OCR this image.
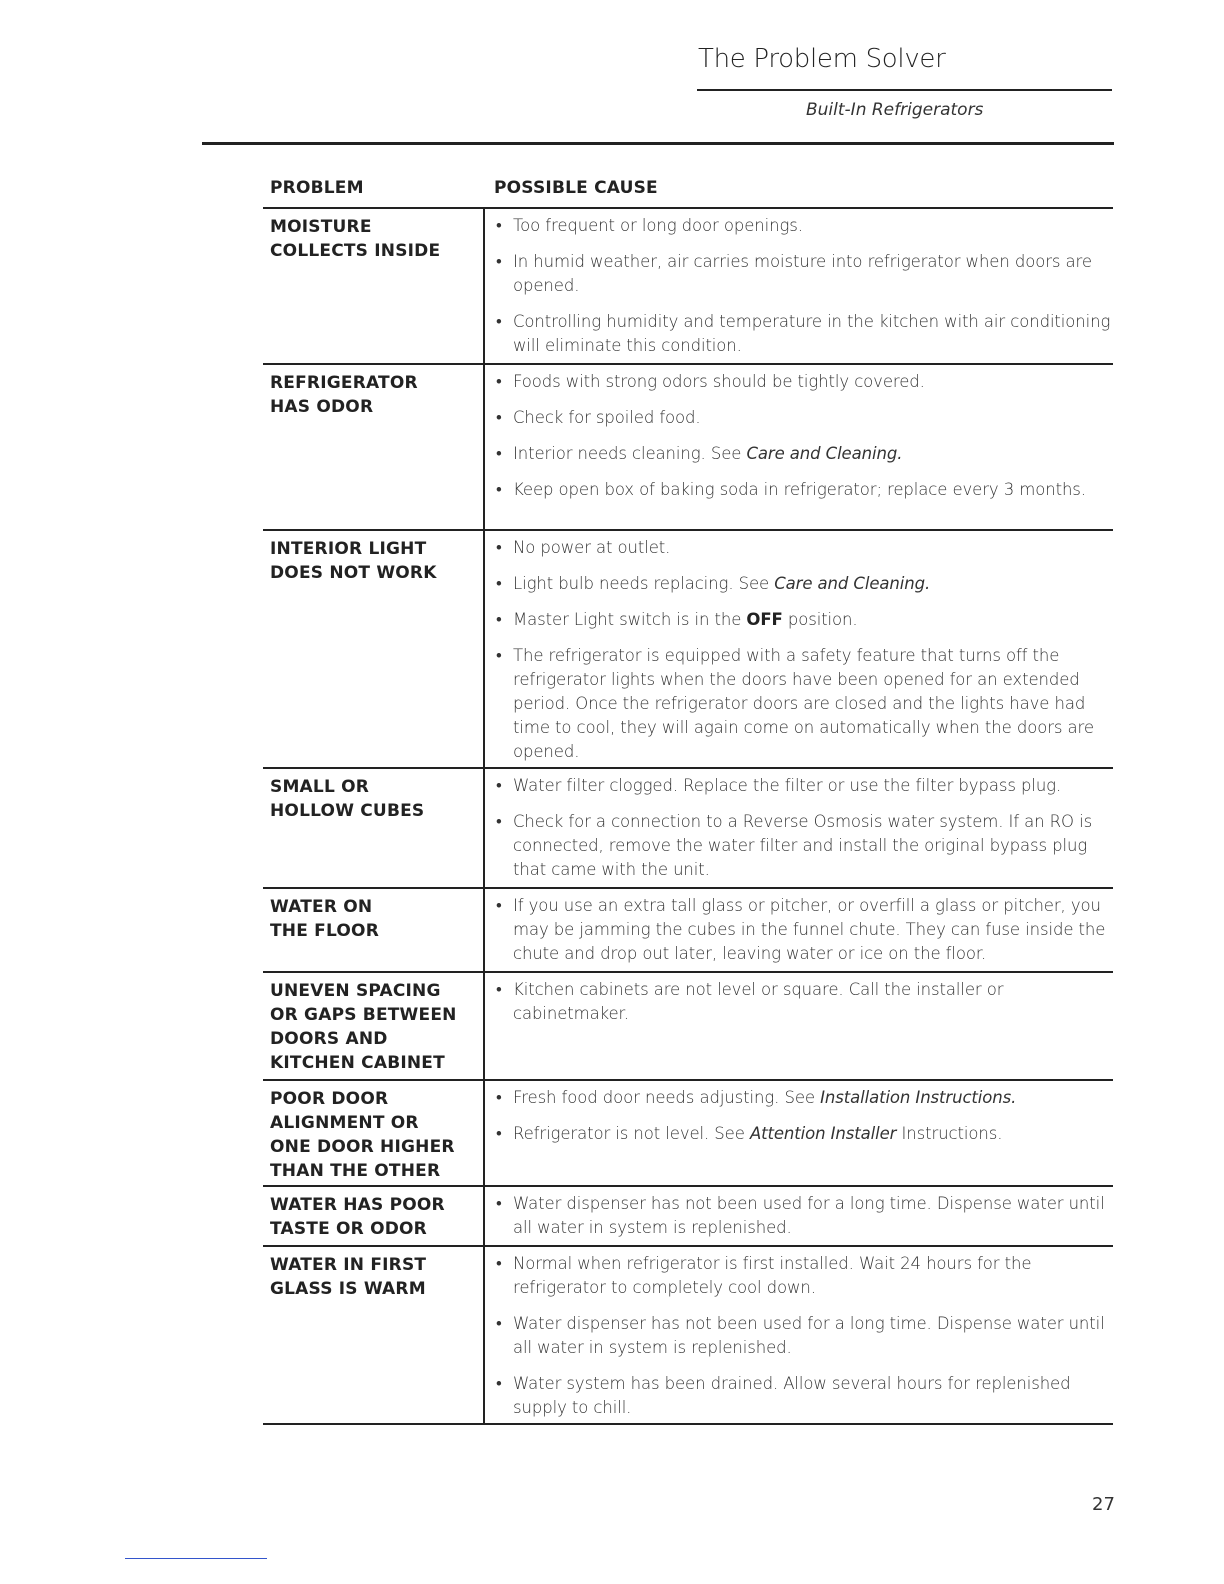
The Problem Solver
Built-In Refrigerators
PROBLEM	POSSIBLE CAUSE
MOISTURE
COLLECTS INSIDE
• Too frequent or long door openings.
• In humid weather, air carries moisture into refrigerator when doors are opened.
• Controlling humidity and temperature in the kitchen with air conditioning will eliminate this condition.
REFRIGERATOR
HAS ODOR
• Foods with strong odors should be tightly covered.
• Check for spoiled food.
• Interior needs cleaning. See Care and Cleaning.
• Keep open box of baking soda in refrigerator; replace every 3 months.
INTERIOR LIGHT
DOES NOT WORK
• No power at outlet.
• Light bulb needs replacing. See Care and Cleaning.
• Master Light switch is in the OFF position.
• The refrigerator is equipped with a safety feature that turns off the refrigerator lights when the doors have been opened for an extended period. Once the refrigerator doors are closed and the lights have had time to cool, they will again come on automatically when the doors are opened.
SMALL OR
HOLLOW CUBES
• Water filter clogged. Replace the filter or use the filter bypass plug.
• Check for a connection to a Reverse Osmosis water system. If an RO is connected, remove the water filter and install the original bypass plug that came with the unit.
WATER ON
THE FLOOR
• If you use an extra tall glass or pitcher, or overfill a glass or pitcher, you may be jamming the cubes in the funnel chute. They can fuse inside the chute and drop out later, leaving water or ice on the floor.
UNEVEN SPACING
OR GAPS BETWEEN
DOORS AND
KITCHEN CABINET
• Kitchen cabinets are not level or square. Call the installer or cabinetmaker.
POOR DOOR
ALIGNMENT OR
ONE DOOR HIGHER
THAN THE OTHER
• Fresh food door needs adjusting. See Installation Instructions.
• Refrigerator is not level. See Attention Installer Instructions.
WATER HAS POOR
TASTE OR ODOR
• Water dispenser has not been used for a long time. Dispense water until all water in system is replenished.
WATER IN FIRST
GLASS IS WARM
• Normal when refrigerator is first installed. Wait 24 hours for the refrigerator to completely cool down.
• Water dispenser has not been used for a long time. Dispense water until all water in system is replenished.
• Water system has been drained. Allow several hours for replenished supply to chill.
27
